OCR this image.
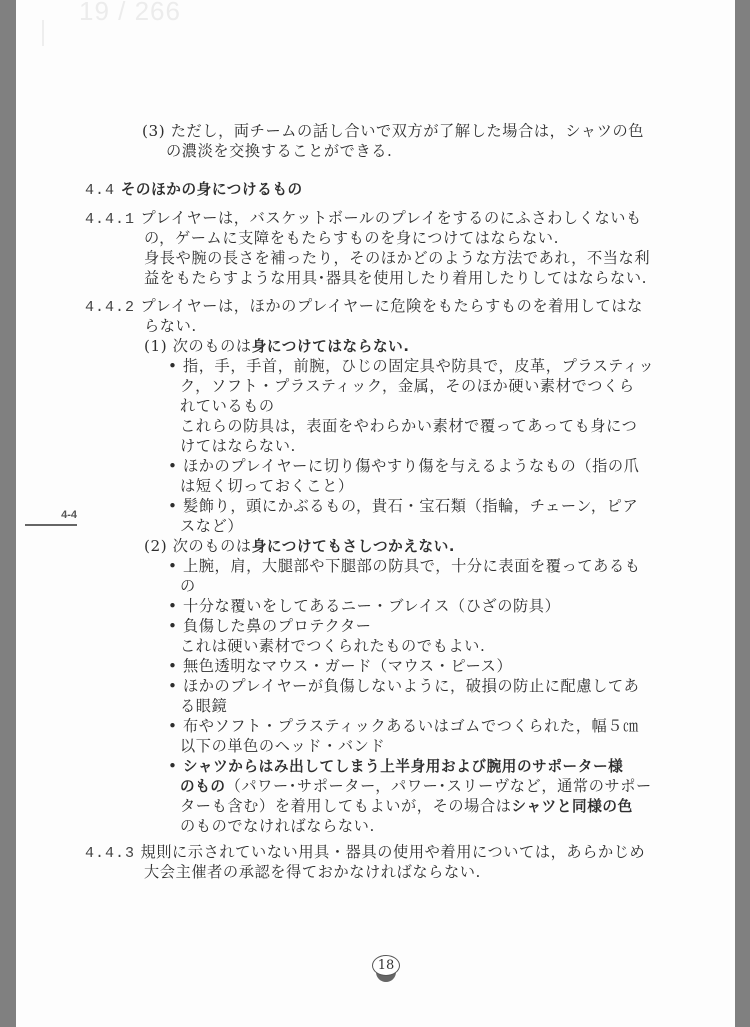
19 / 266
(3) ただし，両チームの話し合いで双方が了解した場合は，シャツの色
の濃淡を交換することができる.
4.4 そのほかの身につけるもの
4.4.1 プレイヤーは，バスケットボールのプレイをするのにふさわしくないも
の，ゲームに支障をもたらすものを身につけてはならない.
身長や腕の長さを補ったり，そのほかどのような方法であれ，不当な利
益をもたらすような用具･器具を使用したり着用したりしてはならない.
4.4.2 プレイヤーは，ほかのプレイヤーに危険をもたらすものを着用してはな
らない.
(1) 次のものは身につけてはならない.
• 指，手，手首，前腕，ひじの固定具や防具で，皮革，プラスティッ
ク，ソフト・プラスティック，金属，そのほか硬い素材でつくら
れているもの
これらの防具は，表面をやわらかい素材で覆ってあっても身につ
けてはならない.
• ほかのプレイヤーに切り傷やすり傷を与えるようなもの（指の爪
は短く切っておくこと）
• 髪飾り，頭にかぶるもの，貴石・宝石類（指輪，チェーン，ピア
スなど）
(2) 次のものは身につけてもさしつかえない.
• 上腕，肩，大腿部や下腿部の防具で，十分に表面を覆ってあるも
の
• 十分な覆いをしてあるニー・ブレイス（ひざの防具）
• 負傷した鼻のプロテクター
これは硬い素材でつくられたものでもよい.
• 無色透明なマウス・ガード（マウス・ピース）
• ほかのプレイヤーが負傷しないように，破損の防止に配慮してあ
る眼鏡
• 布やソフト・プラスティックあるいはゴムでつくられた，幅５㎝
以下の単色のヘッド・バンド
• シャツからはみ出してしまう上半身用および腕用のサポーター様
のもの（パワー･サポーター，パワー･スリーヴなど，通常のサポー
ターも含む）を着用してもよいが，その場合はシャツと同様の色
のものでなければならない.
4.4.3 規則に示されていない用具・器具の使用や着用については，あらかじめ
大会主催者の承認を得ておかなければならない.
4-4
18
